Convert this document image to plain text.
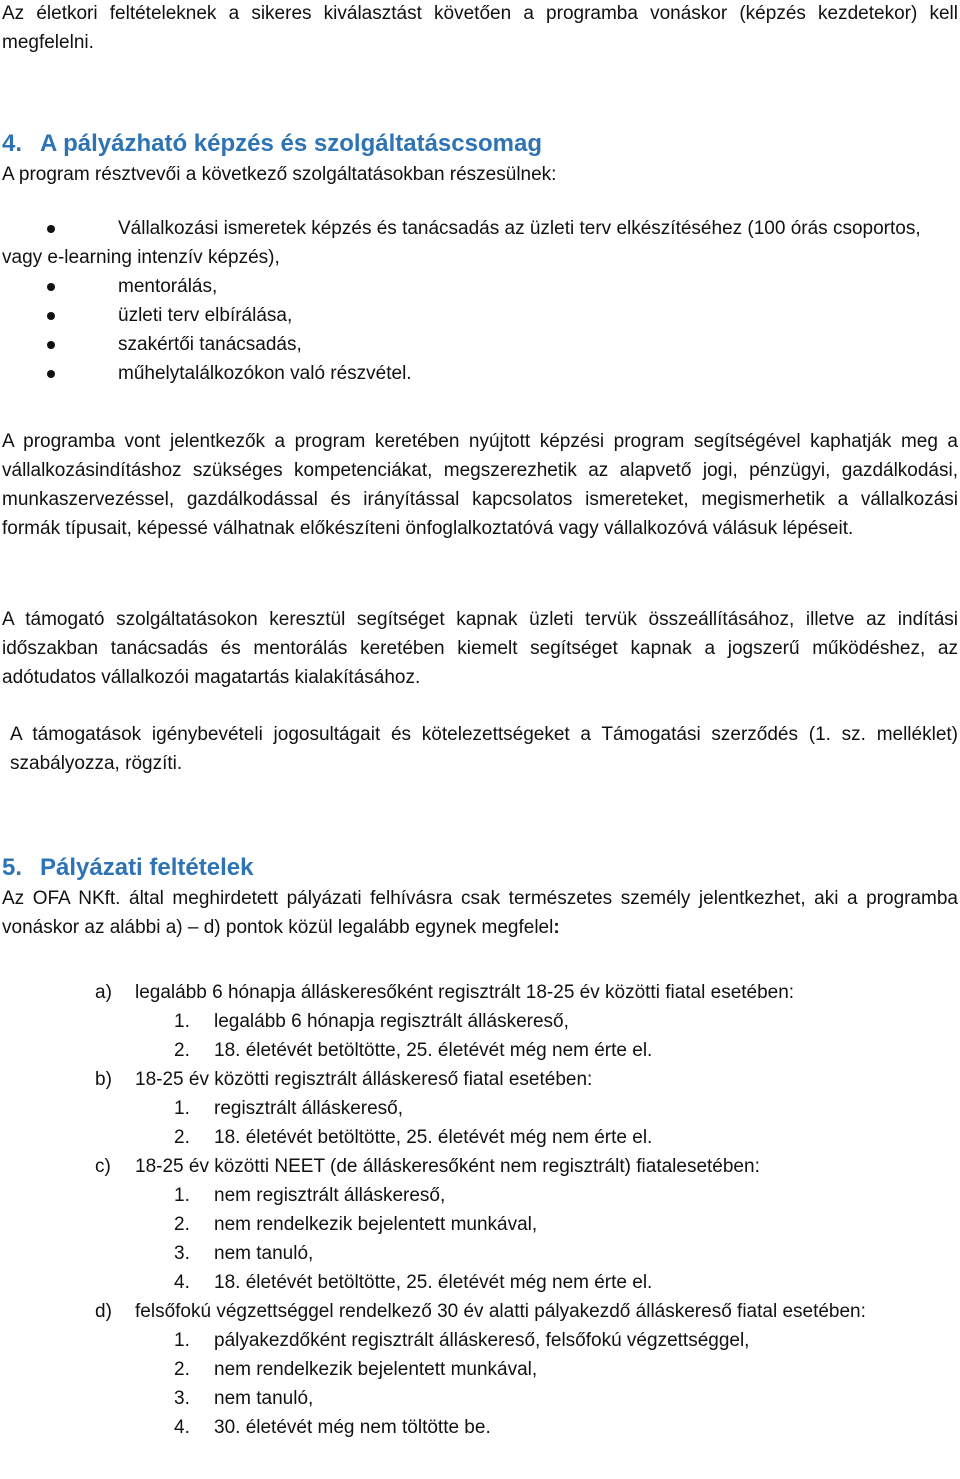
Az életkori feltételeknek a sikeres kiválasztást követően a programba vonáskor (képzés kezdetekor) kell megfelelni.

4. A pályázható képzés és szolgáltatáscsomag

A program résztvevői a következő szolgáltatásokban részesülnek:

Vállalkozási ismeretek képzés és tanácsadás az üzleti terv elkészítéséhez (100 órás csoportos, vagy e-learning intenzív képzés),
mentorálás,
üzleti terv elbírálása,
szakértői tanácsadás,
műhelytalálkozókon való részvétel.

A programba vont jelentkezők a program keretében nyújtott képzési program segítségével kaphatják meg a vállalkozásindításhoz szükséges kompetenciákat, megszerezhetik az alapvető jogi, pénzügyi, gazdálkodási, munkaszervezéssel, gazdálkodással és irányítással kapcsolatos ismereteket, megismerhetik a vállalkozási formák típusait, képessé válhatnak előkészíteni önfoglalkoztatóvá vagy vállalkozóvá válásuk lépéseit.

A támogató szolgáltatásokon keresztül segítséget kapnak üzleti tervük összeállításához, illetve az indítási időszakban tanácsadás és mentorálás keretében kiemelt segítséget kapnak a jogszerű működéshez, az adótudatos vállalkozói magatartás kialakításához.

A támogatások igénybevételi jogosultágait és kötelezettségeket a Támogatási szerződés (1. sz. melléklet) szabályozza, rögzíti.

5. Pályázati feltételek

Az OFA NKft. által meghirdetett pályázati felhívásra csak természetes személy jelentkezhet, aki a programba vonáskor az alábbi a) – d) pontok közül legalább egynek megfelel:

a) legalább 6 hónapja álláskeresőként regisztrált 18-25 év közötti fiatal esetében:
1. legalább 6 hónapja regisztrált álláskereső,
2. 18. életévét betöltötte, 25. életévét még nem érte el.
b) 18-25 év közötti regisztrált álláskereső fiatal esetében:
1. regisztrált álláskereső,
2. 18. életévét betöltötte, 25. életévét még nem érte el.
c) 18-25 év közötti NEET (de álláskeresőként nem regisztrált) fiatalesetében:
1. nem regisztrált álláskereső,
2. nem rendelkezik bejelentett munkával,
3. nem tanuló,
4. 18. életévét betöltötte, 25. életévét még nem érte el.
d) felsőfokú végzettséggel rendelkező 30 év alatti pályakezdő álláskereső fiatal esetében:
1. pályakezdőként regisztrált álláskereső, felsőfokú végzettséggel,
2. nem rendelkezik bejelentett munkával,
3. nem tanuló,
4. 30. életévét még nem töltötte be.
